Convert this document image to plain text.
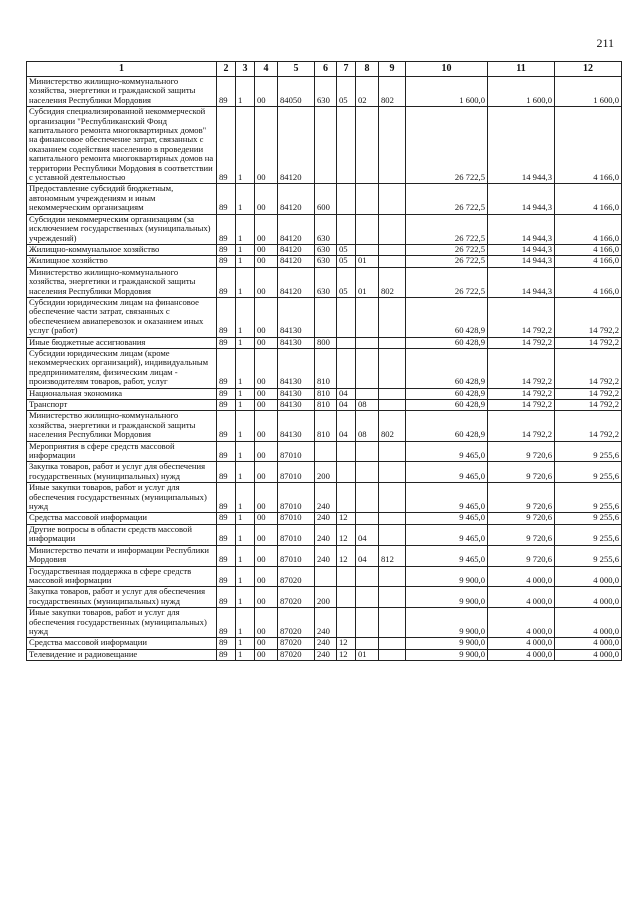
211
1	2	3	4	5	6	7	8	9	10	11	12
Министерство жилищно-коммунального хозяйства, энергетики и гражданской защиты населения Республики Мордовия	89	1	00	84050	630	05	02	802	1 600,0	1 600,0	1 600,0
Субсидия специализированной некоммерческой организации "Республиканский Фонд капитального ремонта многоквартирных домов" на финансовое обеспечение затрат, связанных с оказанием содействия населению в проведении капитального ремонта многоквартирных домов на территории Республики Мордовия в соответствии с уставной деятельностью	89	1	00	84120					26 722,5	14 944,3	4 166,0
Предоставление субсидий бюджетным, автономным учреждениям и иным некоммерческим организациям	89	1	00	84120	600				26 722,5	14 944,3	4 166,0
Субсидии некоммерческим организациям (за исключением государственных (муниципальных) учреждений)	89	1	00	84120	630				26 722,5	14 944,3	4 166,0
Жилищно-коммунальное хозяйство	89	1	00	84120	630	05			26 722,5	14 944,3	4 166,0
Жилищное хозяйство	89	1	00	84120	630	05	01		26 722,5	14 944,3	4 166,0
Министерство жилищно-коммунального хозяйства, энергетики и гражданской защиты населения Республики Мордовия	89	1	00	84120	630	05	01	802	26 722,5	14 944,3	4 166,0
Субсидии юридическим лицам на финансовое обеспечение части затрат, связанных с обеспечением авиаперевозок и оказанием иных услуг (работ)	89	1	00	84130					60 428,9	14 792,2	14 792,2
Иные бюджетные ассигнования	89	1	00	84130	800				60 428,9	14 792,2	14 792,2
Субсидии юридическим лицам (кроме некоммерческих организаций), индивидуальным предпринимателям, физическим лицам - производителям товаров, работ, услуг	89	1	00	84130	810				60 428,9	14 792,2	14 792,2
Национальная экономика	89	1	00	84130	810	04			60 428,9	14 792,2	14 792,2
Транспорт	89	1	00	84130	810	04	08		60 428,9	14 792,2	14 792,2
Министерство жилищно-коммунального хозяйства, энергетики и гражданской защиты населения Республики Мордовия	89	1	00	84130	810	04	08	802	60 428,9	14 792,2	14 792,2
Мероприятия в сфере средств массовой информации	89	1	00	87010					9 465,0	9 720,6	9 255,6
Закупка товаров, работ и услуг для обеспечения государственных (муниципальных) нужд	89	1	00	87010	200				9 465,0	9 720,6	9 255,6
Иные закупки товаров, работ и услуг для обеспечения государственных (муниципальных) нужд	89	1	00	87010	240				9 465,0	9 720,6	9 255,6
Средства массовой информации	89	1	00	87010	240	12			9 465,0	9 720,6	9 255,6
Другие вопросы в области средств массовой информации	89	1	00	87010	240	12	04		9 465,0	9 720,6	9 255,6
Министерство печати и информации Республики Мордовия	89	1	00	87010	240	12	04	812	9 465,0	9 720,6	9 255,6
Государственная поддержка в сфере средств массовой информации	89	1	00	87020					9 900,0	4 000,0	4 000,0
Закупка товаров, работ и услуг для обеспечения государственных (муниципальных) нужд	89	1	00	87020	200				9 900,0	4 000,0	4 000,0
Иные закупки товаров, работ и услуг для обеспечения государственных (муниципальных) нужд	89	1	00	87020	240				9 900,0	4 000,0	4 000,0
Средства массовой информации	89	1	00	87020	240	12			9 900,0	4 000,0	4 000,0
Телевидение и радиовещание	89	1	00	87020	240	12	01		9 900,0	4 000,0	4 000,0
